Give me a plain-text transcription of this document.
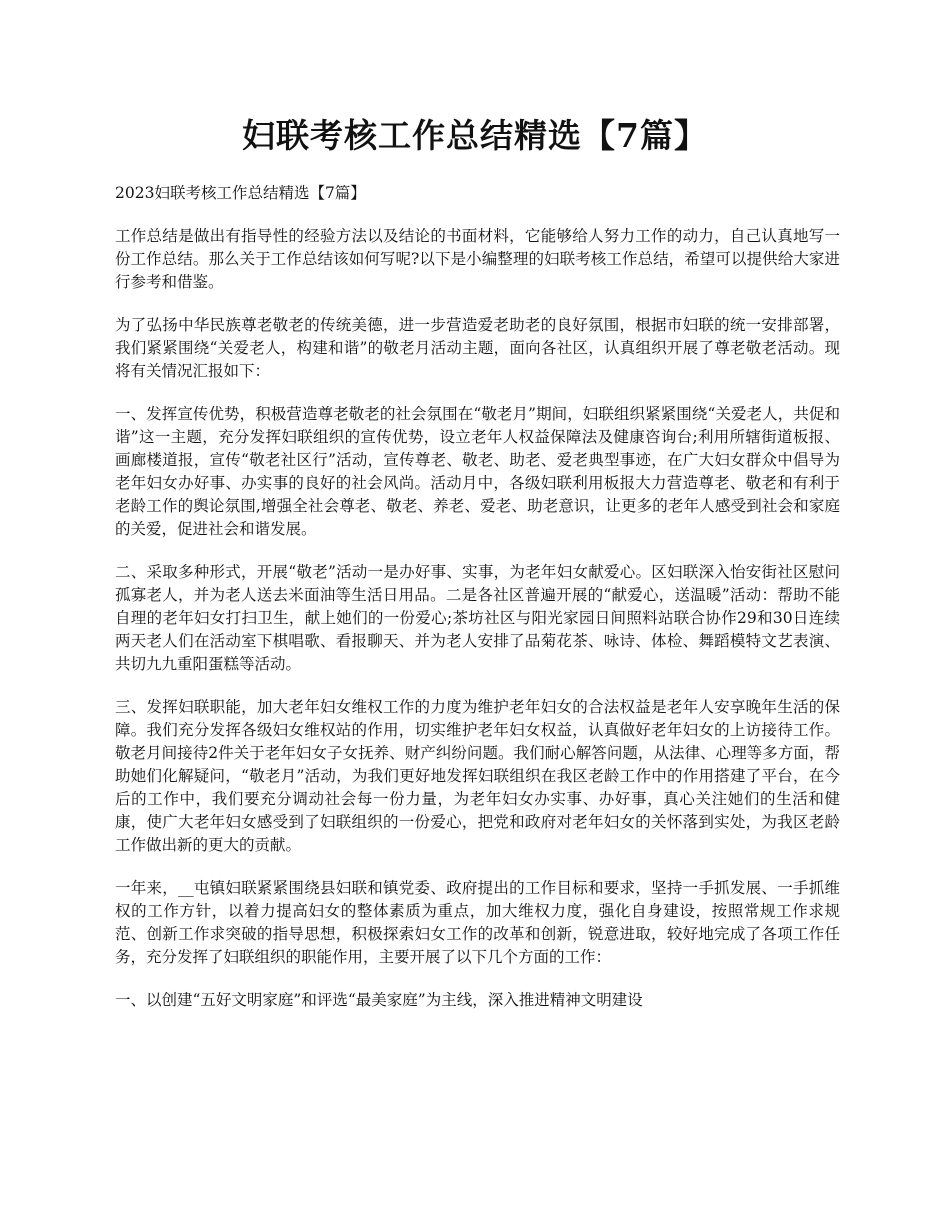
妇联考核工作总结精选【7篇】

2023妇联考核工作总结精选【7篇】

工作总结是做出有指导性的经验方法以及结论的书面材料，它能够给人努力工作的动力，自己认真地写一份工作总结。那么关于工作总结该如何写呢?以下是小编整理的妇联考核工作总结，希望可以提供给大家进行参考和借鉴。

为了弘扬中华民族尊老敬老的传统美德，进一步营造爱老助老的良好氛围，根据市妇联的统一安排部署，我们紧紧围绕“关爱老人，构建和谐”的敬老月活动主题，面向各社区，认真组织开展了尊老敬老活动。现将有关情况汇报如下：

一、发挥宣传优势，积极营造尊老敬老的社会氛围在“敬老月”期间，妇联组织紧紧围绕“关爱老人，共促和谐”这一主题，充分发挥妇联组织的宣传优势，设立老年人权益保障法及健康咨询台;利用所辖街道板报、画廊楼道报，宣传“敬老社区行”活动，宣传尊老、敬老、助老、爱老典型事迹，在广大妇女群众中倡导为老年妇女办好事、办实事的良好的社会风尚。活动月中，各级妇联利用板报大力营造尊老、敬老和有利于老龄工作的舆论氛围,增强全社会尊老、敬老、养老、爱老、助老意识，让更多的老年人感受到社会和家庭的关爱，促进社会和谐发展。

二、采取多种形式，开展“敬老”活动一是办好事、实事，为老年妇女献爱心。区妇联深入怡安街社区慰问孤寡老人，并为老人送去米面油等生活日用品。二是各社区普遍开展的“献爱心，送温暖”活动：帮助不能自理的老年妇女打扫卫生，献上她们的一份爱心;茶坊社区与阳光家园日间照料站联合协作29和30日连续两天老人们在活动室下棋唱歌、看报聊天、并为老人安排了品菊花茶、咏诗、体检、舞蹈模特文艺表演、共切九九重阳蛋糕等活动。

三、发挥妇联职能，加大老年妇女维权工作的力度为维护老年妇女的合法权益是老年人安享晚年生活的保障。我们充分发挥各级妇女维权站的作用，切实维护老年妇女权益，认真做好老年妇女的上访接待工作。敬老月间接待2件关于老年妇女子女抚养、财产纠纷问题。我们耐心解答问题，从法律、心理等多方面，帮助她们化解疑问，“敬老月”活动，为我们更好地发挥妇联组织在我区老龄工作中的作用搭建了平台，在今后的工作中，我们要充分调动社会每一份力量，为老年妇女办实事、办好事，真心关注她们的生活和健康，使广大老年妇女感受到了妇联组织的一份爱心，把党和政府对老年妇女的关怀落到实处，为我区老龄工作做出新的更大的贡献。

一年来，__屯镇妇联紧紧围绕县妇联和镇党委、政府提出的工作目标和要求，坚持一手抓发展、一手抓维权的工作方针，以着力提高妇女的整体素质为重点，加大维权力度，强化自身建设，按照常规工作求规范、创新工作求突破的指导思想，积极探索妇女工作的改革和创新，锐意进取，较好地完成了各项工作任务，充分发挥了妇联组织的职能作用，主要开展了以下几个方面的工作：

一、以创建“五好文明家庭”和评选“最美家庭”为主线，深入推进精神文明建设
